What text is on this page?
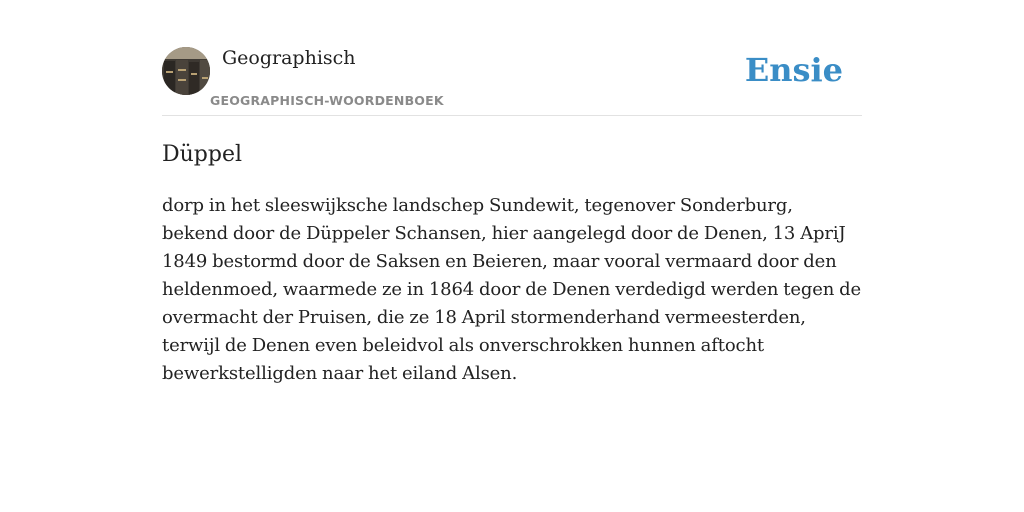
Geographisch
GEOGRAPHISCH-WOORDENBOEK
Ensie
Düppel

dorp in het sleeswijksche landschep Sundewit, tegenover Sonderburg, bekend door de Düppeler Schansen, hier aangelegd door de Denen, 13 ApriJ 1849 bestormd door de Saksen en Beieren, maar vooral vermaard door den heldenmoed, waarmede ze in 1864 door de Denen verdedigd werden tegen de overmacht der Pruisen, die ze 18 April stormenderhand vermeesterden, terwijl de Denen even beleidvol als onverschrokken hunnen aftocht bewerkstelligden naar het eiland Alsen.
